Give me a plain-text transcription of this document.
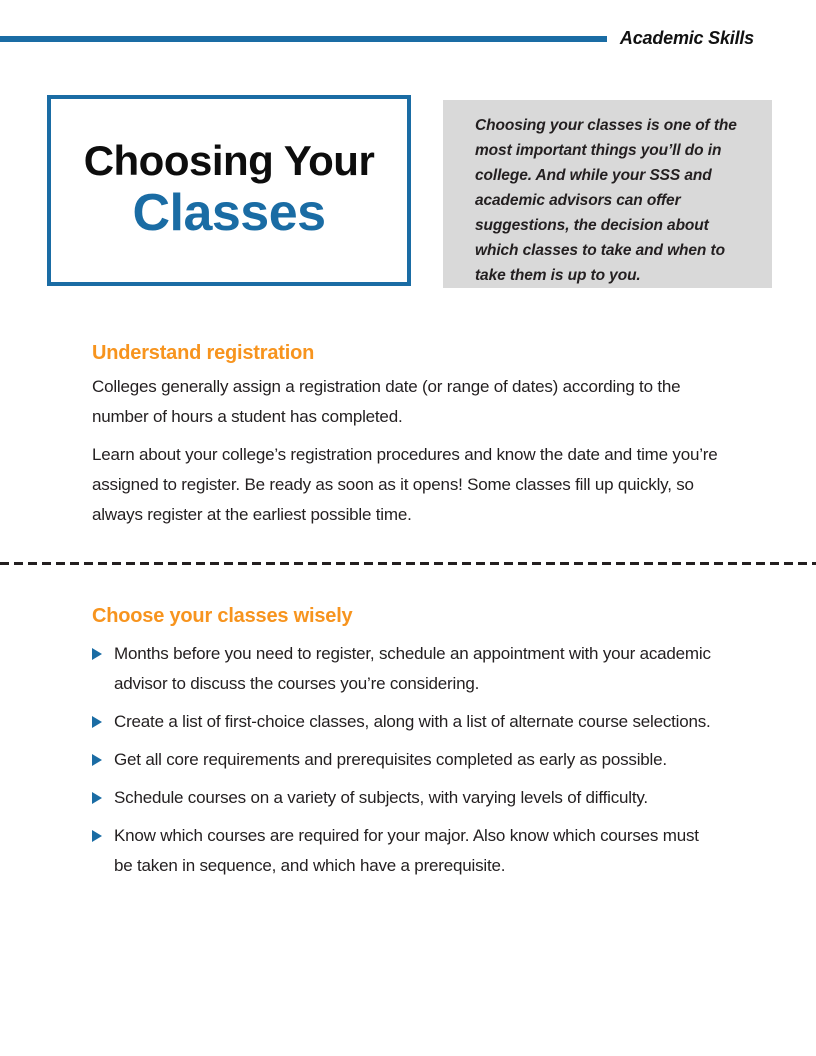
Academic Skills
Choosing Your
Classes
Choosing your classes is one of the most important things you’ll do in college. And while your SSS and academic advisors can offer suggestions, the decision about which classes to take and when to take them is up to you.
Understand registration

Colleges generally assign a registration date (or range of dates) according to the number of hours a student has completed.

Learn about your college’s registration procedures and know the date and time you’re assigned to register. Be ready as soon as it opens! Some classes fill up quickly, so always register at the earliest possible time.

Choose your classes wisely
Months before you need to register, schedule an appointment with your academic advisor to discuss the courses you’re considering.
Create a list of first-choice classes, along with a list of alternate course selections.
Get all core requirements and prerequisites completed as early as possible.
Schedule courses on a variety of subjects, with varying levels of difficulty.
Know which courses are required for your major. Also know which courses must be taken in sequence, and which have a prerequisite.
